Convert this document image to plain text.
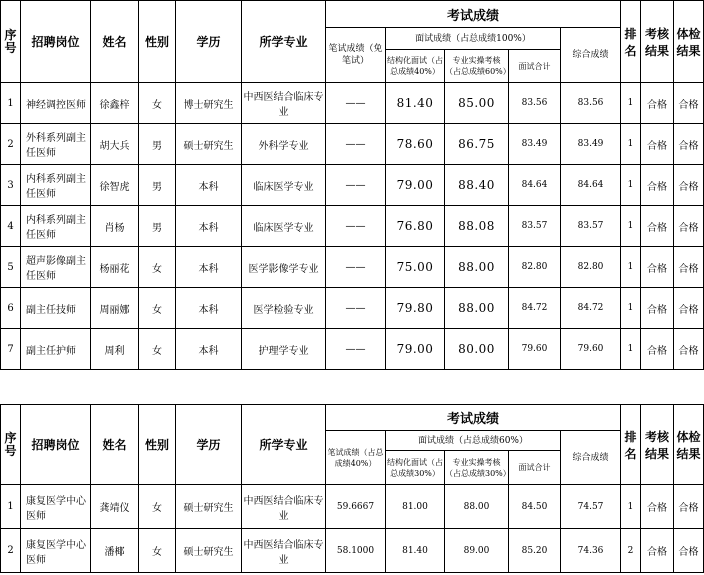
序号	招聘岗位	姓名	性别	学历	所学专业	考试成绩					排名	考核结果	体检结果
						笔试成绩（免笔试）	面试成绩（占总成绩100%）			综合成绩			
							结构化面试（占总成绩40%）	专业实操考核（占总成绩60%）	面试合计				
1	神经调控医师	徐鑫梓	女	博士研究生	中西医结合临床专业	——	81.40	85.00	83.56	83.56	1	合格	合格
2	外科系列副主任医师	胡大兵	男	硕士研究生	外科学专业	——	78.60	86.75	83.49	83.49	1	合格	合格
3	内科系列副主任医师	徐智虎	男	本科	临床医学专业	——	79.00	88.40	84.64	84.64	1	合格	合格
4	内科系列副主任医师	肖杨	男	本科	临床医学专业	——	76.80	88.08	83.57	83.57	1	合格	合格
5	超声影像副主任医师	杨丽花	女	本科	医学影像学专业	——	75.00	88.00	82.80	82.80	1	合格	合格
6	副主任技师	周丽娜	女	本科	医学检验专业	——	79.80	88.00	84.72	84.72	1	合格	合格
7	副主任护师	周利	女	本科	护理学专业	——	79.00	80.00	79.60	79.60	1	合格	合格
序号	招聘岗位	姓名	性别	学历	所学专业	考试成绩					排名	考核结果	体检结果
						笔试成绩（占总成绩40%）	面试成绩（占总成绩60%）			综合成绩			
							结构化面试（占总成绩30%）	专业实操考核（占总成绩30%）	面试合计				
1	康复医学中心医师	龚靖仪	女	硕士研究生	中西医结合临床专业	59.6667	81.00	88.00	84.50	74.57	1	合格	合格
2	康复医学中心医师	潘椰	女	硕士研究生	中西医结合临床专业	58.1000	81.40	89.00	85.20	74.36	2	合格	合格
